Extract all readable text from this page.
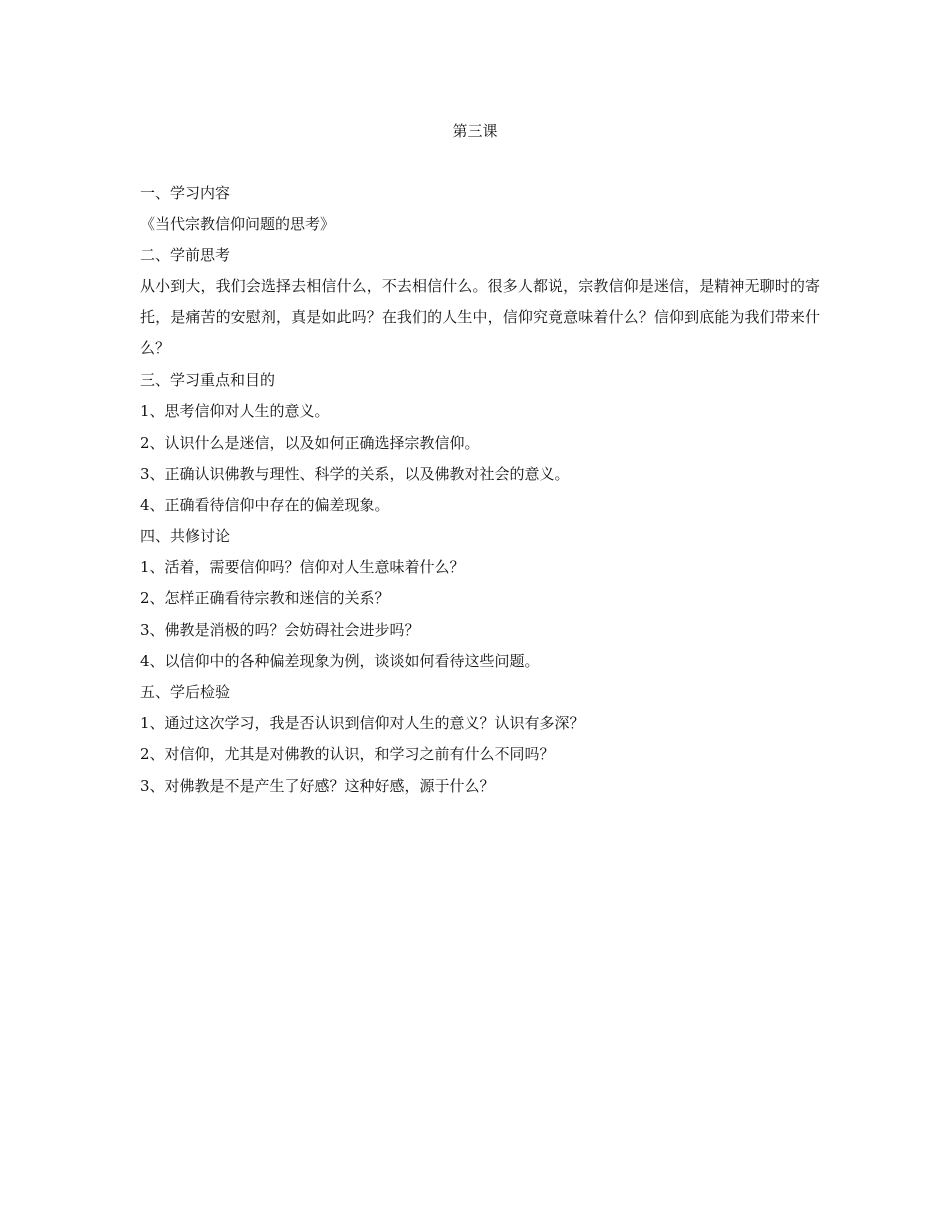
第三课
一、学习内容
《当代宗教信仰问题的思考》
二、学前思考
从小到大，我们会选择去相信什么，不去相信什么。很多人都说，宗教信仰是迷信，是精神无聊时的寄托，是痛苦的安慰剂，真是如此吗？在我们的人生中，信仰究竟意味着什么？信仰到底能为我们带来什么？
三、学习重点和目的
1、思考信仰对人生的意义。
2、认识什么是迷信，以及如何正确选择宗教信仰。
3、正确认识佛教与理性、科学的关系，以及佛教对社会的意义。
4、正确看待信仰中存在的偏差现象。
四、共修讨论
1、活着，需要信仰吗？信仰对人生意味着什么？
2、怎样正确看待宗教和迷信的关系？
3、佛教是消极的吗？会妨碍社会进步吗？
4、以信仰中的各种偏差现象为例，谈谈如何看待这些问题。
五、学后检验
1、通过这次学习，我是否认识到信仰对人生的意义？认识有多深？
2、对信仰，尤其是对佛教的认识，和学习之前有什么不同吗？
3、对佛教是不是产生了好感？这种好感，源于什么？
